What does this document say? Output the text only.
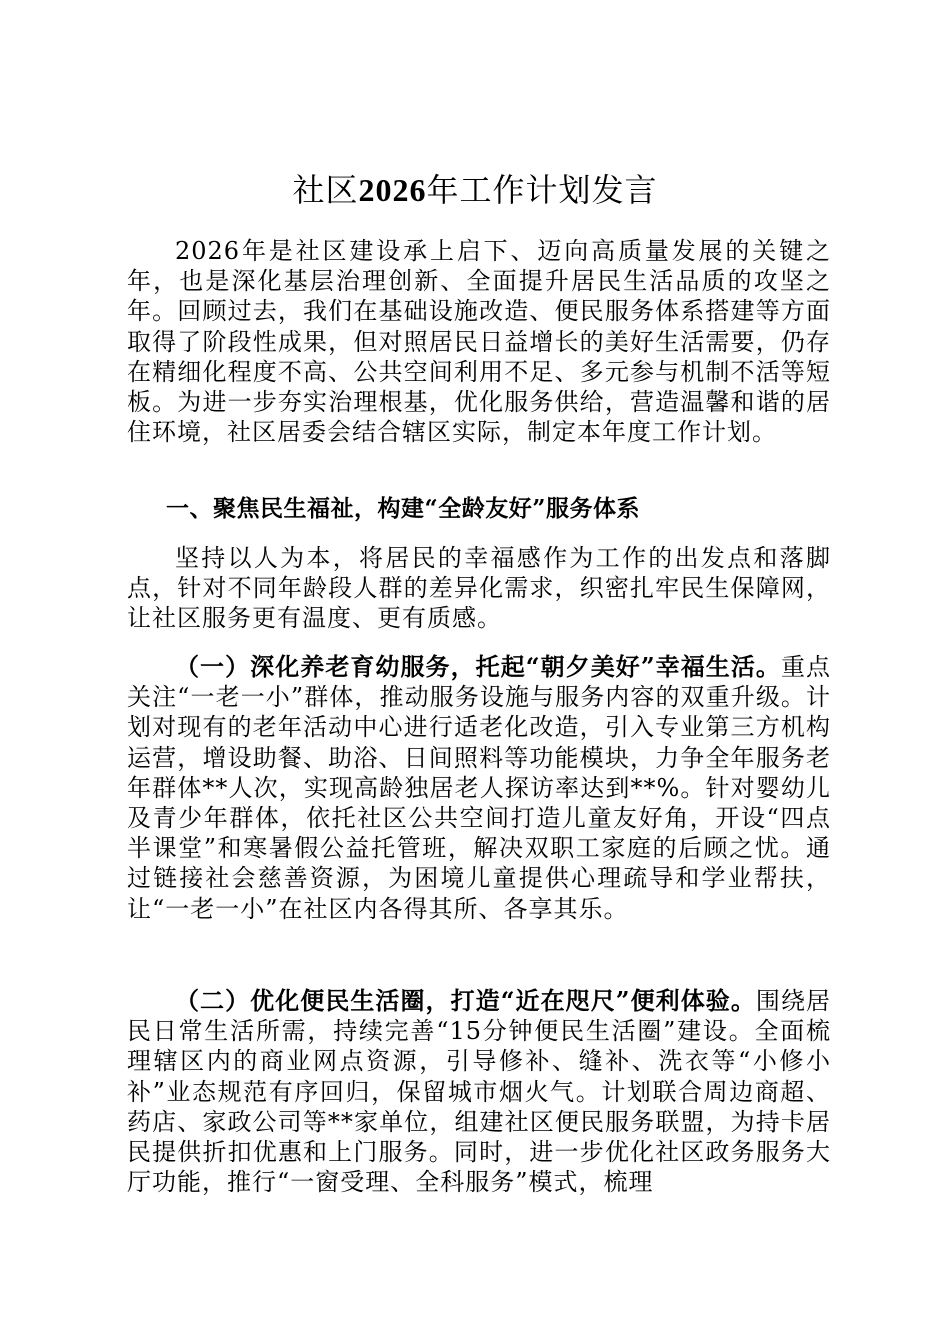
社区2026年工作计划发言
2026年是社区建设承上启下、迈向高质量发展的关键之年，也是深化基层治理创新、全面提升居民生活品质的攻坚之年。回顾过去，我们在基础设施改造、便民服务体系搭建等方面取得了阶段性成果，但对照居民日益增长的美好生活需要，仍存在精细化程度不高、公共空间利用不足、多元参与机制不活等短板。为进一步夯实治理根基，优化服务供给，营造温馨和谐的居住环境，社区居委会结合辖区实际，制定本年度工作计划。
一、聚焦民生福祉，构建“全龄友好”服务体系
坚持以人为本，将居民的幸福感作为工作的出发点和落脚点，针对不同年龄段人群的差异化需求，织密扎牢民生保障网，让社区服务更有温度、更有质感。
（一）深化养老育幼服务，托起“朝夕美好”幸福生活。重点关注“一老一小”群体，推动服务设施与服务内容的双重升级。计划对现有的老年活动中心进行适老化改造，引入专业第三方机构运营，增设助餐、助浴、日间照料等功能模块，力争全年服务老年群体**人次，实现高龄独居老人探访率达到**%。针对婴幼儿及青少年群体，依托社区公共空间打造儿童友好角，开设“四点半课堂”和寒暑假公益托管班，解决双职工家庭的后顾之忧。通过链接社会慈善资源，为困境儿童提供心理疏导和学业帮扶，让“一老一小”在社区内各得其所、各享其乐。
（二）优化便民生活圈，打造“近在咫尺”便利体验。围绕居民日常生活所需，持续完善“15分钟便民生活圈”建设。全面梳理辖区内的商业网点资源，引导修补、缝补、洗衣等“小修小补”业态规范有序回归，保留城市烟火气。计划联合周边商超、药店、家政公司等**家单位，组建社区便民服务联盟，为持卡居民提供折扣优惠和上门服务。同时，进一步优化社区政务服务大厅功能，推行“一窗受理、全科服务”模式，梳理
